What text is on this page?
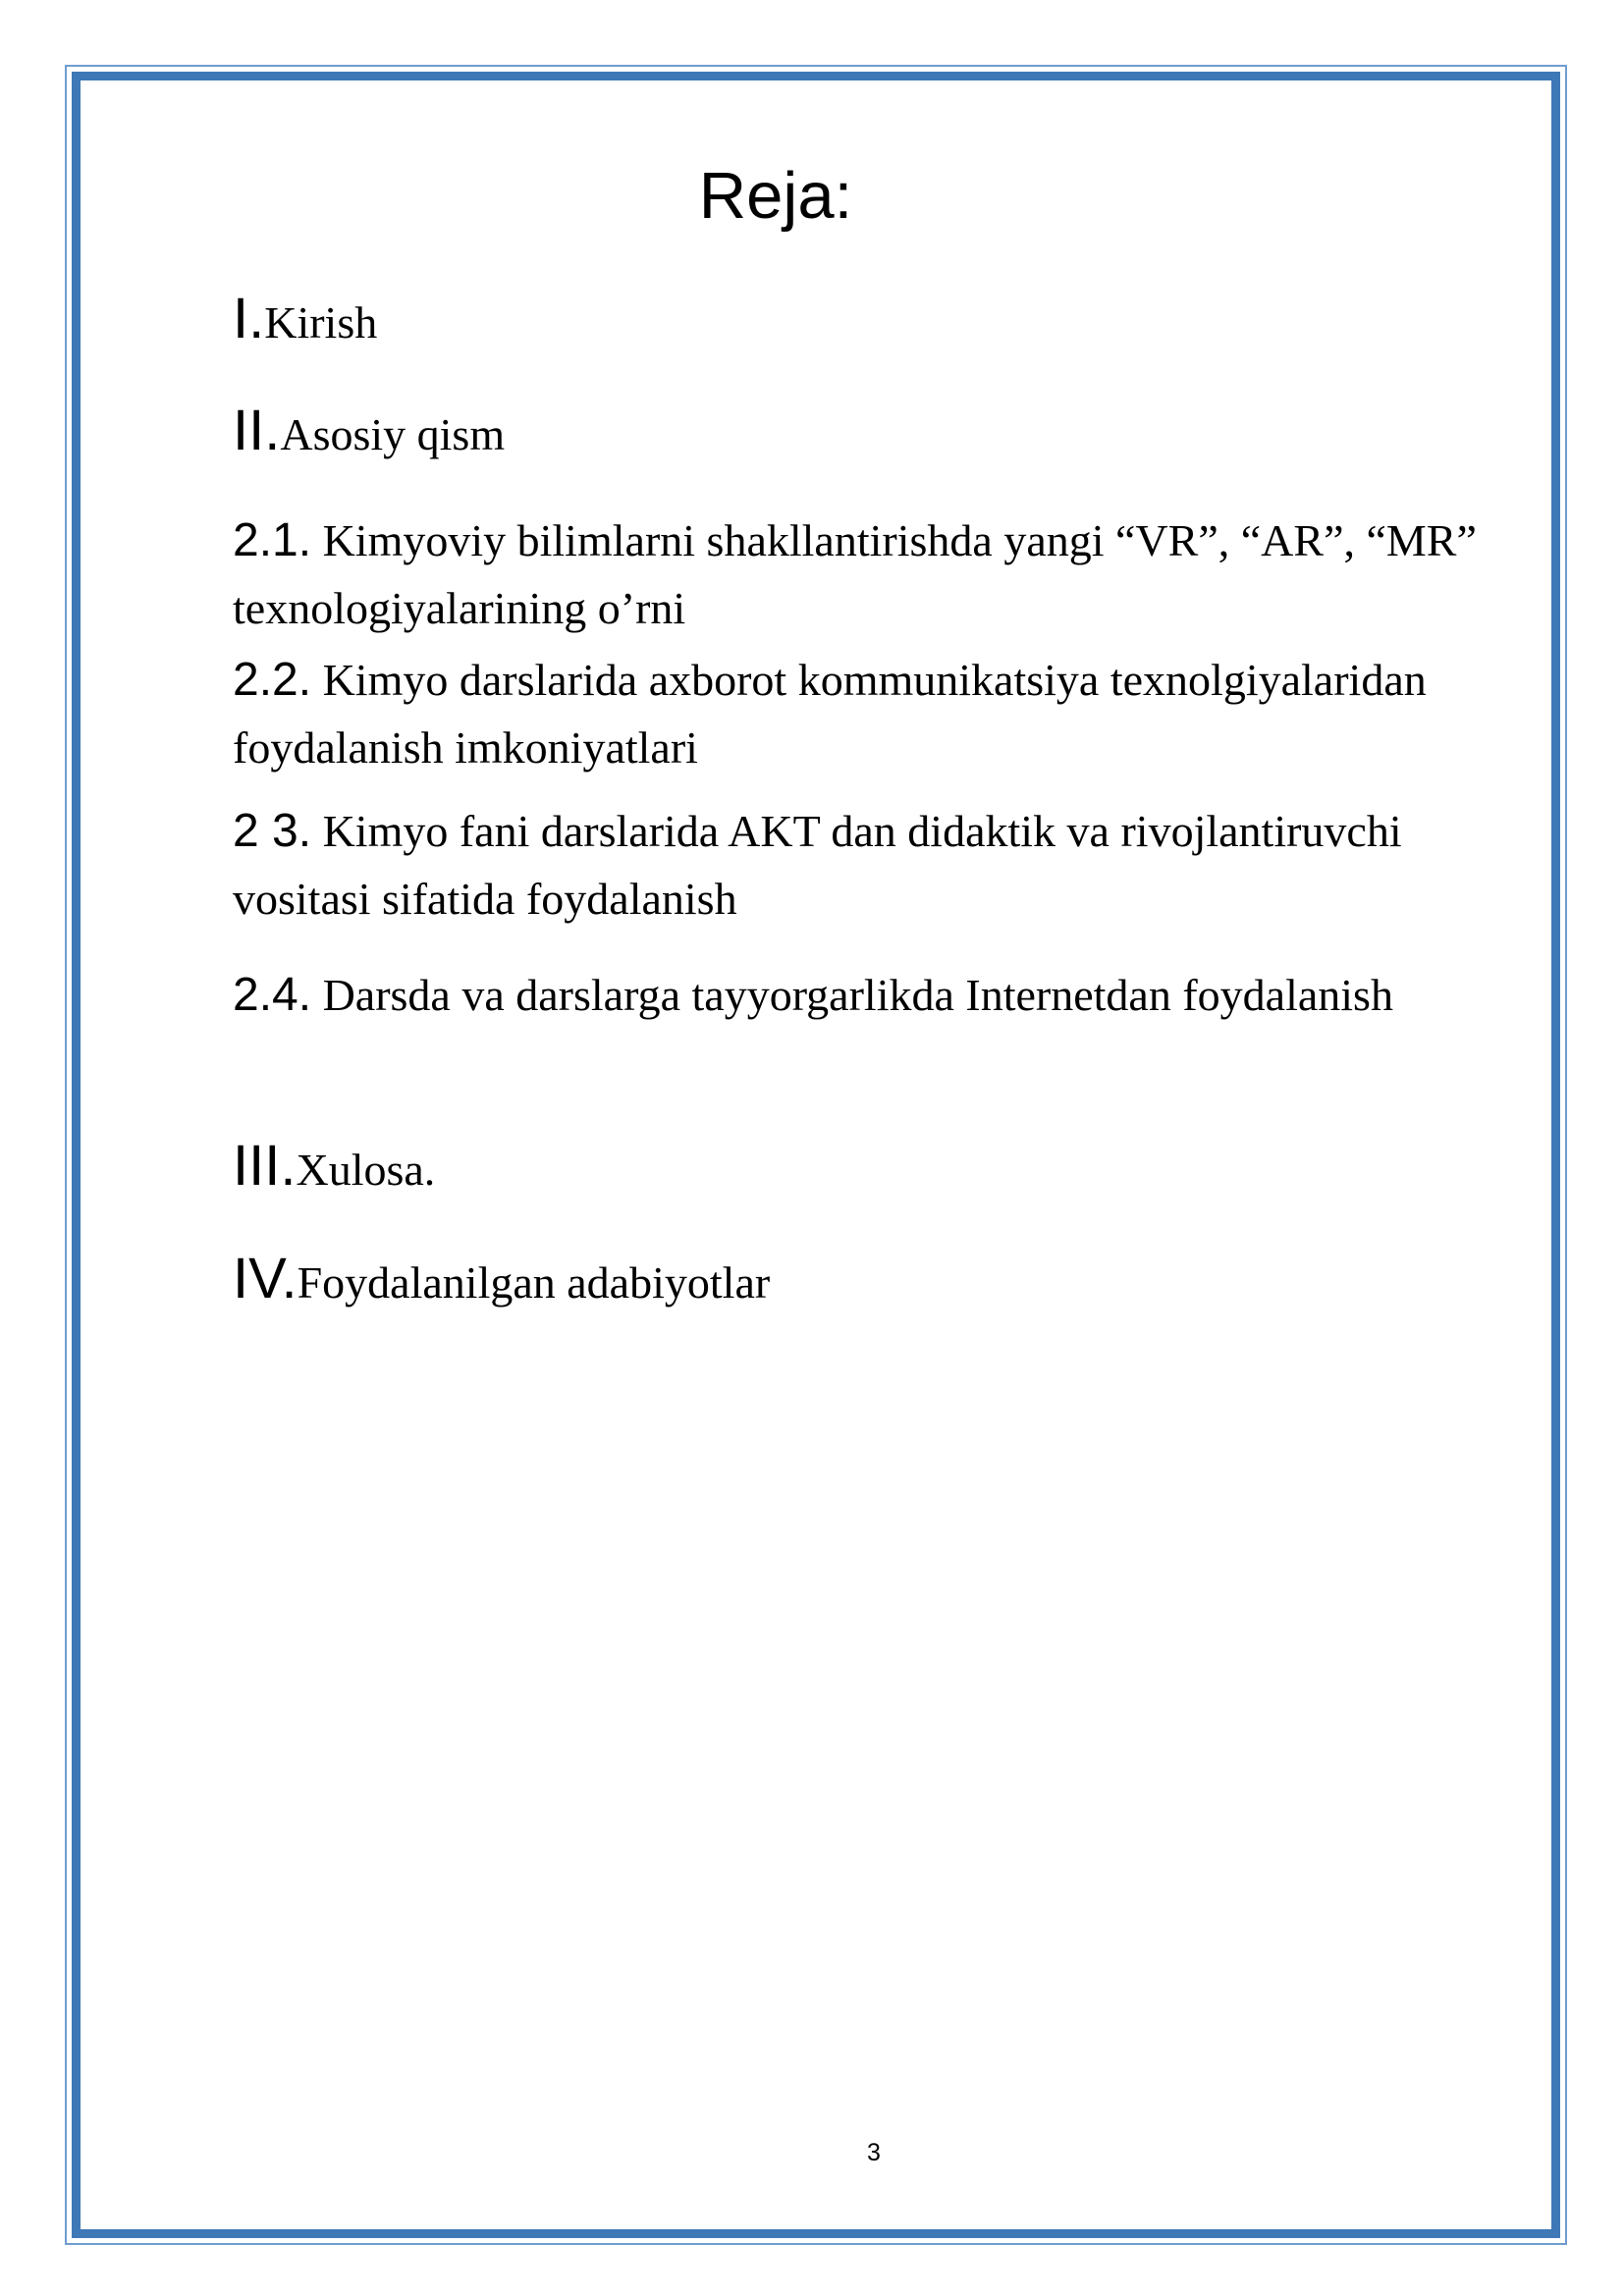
Reja:
I.Kirish
II.Asosiy qism
2.1. Kimyoviy bilimlarni shakllantirishda yangi “VR”, “AR”, “MR” texnologiyalarining o’rni
2.2. Kimyo darslarida axborot kommunikatsiya texnolgiyalaridan foydalanish imkoniyatlari
2 3. Kimyo fani darslarida AKT dan didaktik va rivojlantiruvchi vositasi sifatida foydalanish
2.4. Darsda va darslarga tayyorgarlikda Internetdan foydalanish
III.Xulosa.
IV.Foydalanilgan adabiyotlar
3
